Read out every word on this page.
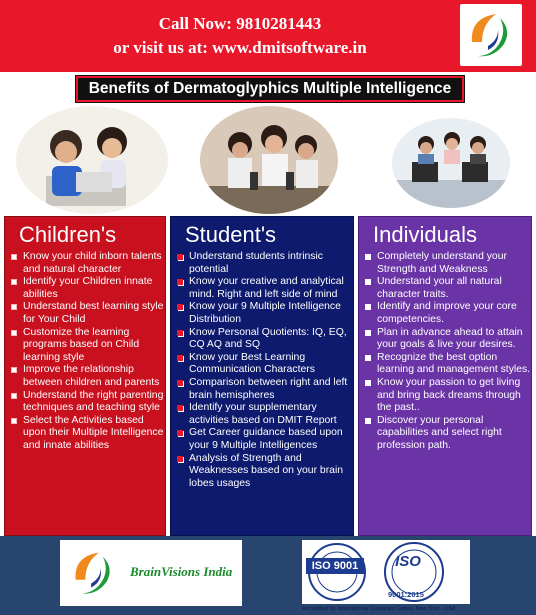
Call Now: 9810281443
or visit us at: www.dmitsoftware.in
Benefits of Dermatoglyphics Multiple Intelligence
Children's
Know your child inborn talents and natural character
Identify your Children innate abilities
Understand best learning style for Your Child
Customize the learning programs based on Child learning style
Improve the relationship between children and parents
Understand the right parenting techniques and teaching style
Select the Activities based upon their Multiple Intelligence and innate abilities
Student's
Understand students intrinsic potential
Know your creative and analytical mind. Right and left side of mind
Know your 9 Multiple Intelligence Distribution
Know Personal Quotients: IQ, EQ, CQ AQ and SQ
Know your Best Learning Communication Characters
Comparison between right and left brain hemispheres
Identify your supplementary activities based on DMIT Report
Get Career guidance based upon your 9 Multiple Intelligences
Analysis of Strength and Weaknesses based on your brain lobes usages
Individuals
Completely understand your Strength and Weakness
Understand your all natural character traits.
Identify and improve your core competencies.
Plan in advance ahead to attain your goals & live your desires.
Recognize the best option learning and management styles.
Know your passion to get living and bring back dreams through the past..
Discover your personal capabilities and select right profession path.
BrainVisions India	ISO 9001	ISO
9001:2015
Accredited by International Corporate Codes, New York - USA
